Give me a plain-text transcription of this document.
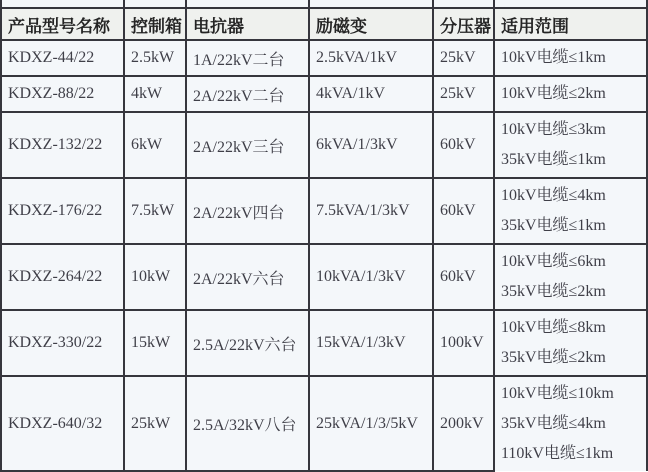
产品型号名称	控制箱	电抗器	励磁变	分压器	适用范围
KDXZ-44/22	2.5kW	1A/22kV二台	2.5kVA/1kV	25kV	10kV电缆≤1km

KDXZ-88/22	4kW	2A/22kV二台	4kVA/1kV	25kV	10kV电缆≤2km

KDXZ-132/22	6kW	2A/22kV三台	6kVA/1/3kV	60kV	10kV电缆≤3km
35kV电缆≤1km

KDXZ-176/22	7.5kW	2A/22kV四台	7.5kVA/1/3kV	60kV	10kV电缆≤4km
35kV电缆≤1km

KDXZ-264/22	10kW	2A/22kV六台	10kVA/1/3kV	60kV	10kV电缆≤6km
35kV电缆≤2km

KDXZ-330/22	15kW	2.5A/22kV六台	15kVA/1/3kV	100kV	10kV电缆≤8km
35kV电缆≤2km

KDXZ-640/32	25kW	2.5A/32kV八台	25kVA/1/3/5kV	200kV	10kV电缆≤10km
35kV电缆≤4km
110kV电缆≤1km
